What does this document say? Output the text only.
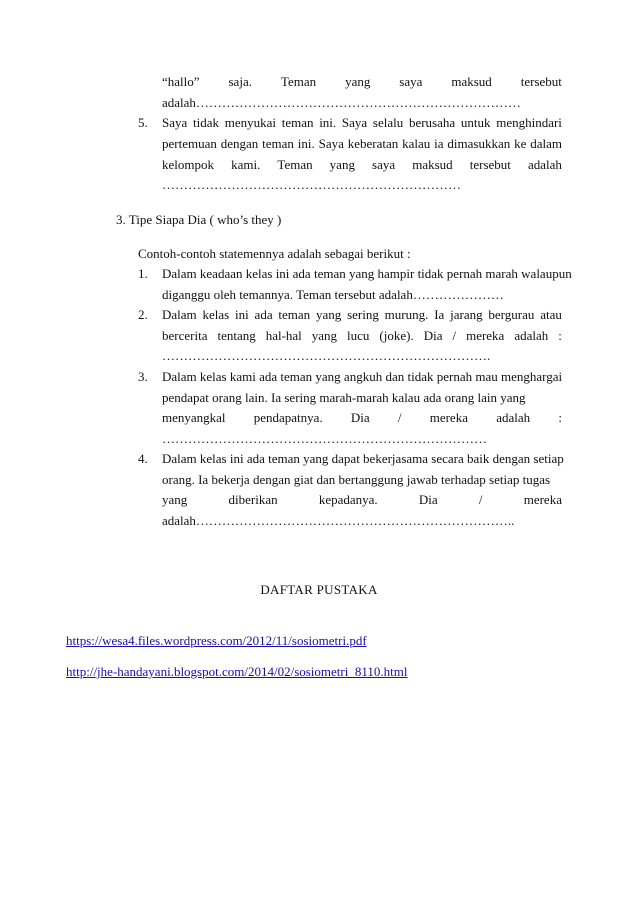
“hallo” saja. Teman yang saya maksud tersebut
adalah…………………………………………………………………
5. Saya tidak menyukai teman ini. Saya selalu berusaha untuk menghindari
pertemuan dengan teman ini. Saya keberatan kalau ia dimasukkan ke dalam
kelompok kami. Teman yang saya maksud tersebut adalah
……………………………………………………………
3. Tipe Siapa Dia ( who’s they )
Contoh-contoh statemennya adalah sebagai berikut :
1. Dalam keadaan kelas ini ada teman yang hampir tidak pernah marah walaupun
diganggu oleh temannya. Teman tersebut adalah…………………
2. Dalam kelas ini ada teman yang sering murung. Ia jarang bergurau atau
bercerita tentang hal-hal yang lucu (joke). Dia / mereka adalah :
………………………………………………………………….
3. Dalam kelas kami ada teman yang angkuh dan tidak pernah mau menghargai
pendapat orang lain. Ia sering marah-marah kalau ada orang lain yang
menyangkal pendapatnya. Dia / mereka adalah :
…………………………………………………………………
4. Dalam kelas ini ada teman yang dapat bekerjasama secara baik dengan setiap
orang. Ia bekerja dengan giat dan bertanggung jawab terhadap setiap tugas
yang	diberikan	kepadanya.	Dia	/	mereka
adalah………………………………………………………………..
DAFTAR PUSTAKA
https://wesa4.files.wordpress.com/2012/11/sosiometri.pdf
http://jhe-handayani.blogspot.com/2014/02/sosiometri_8110.html
